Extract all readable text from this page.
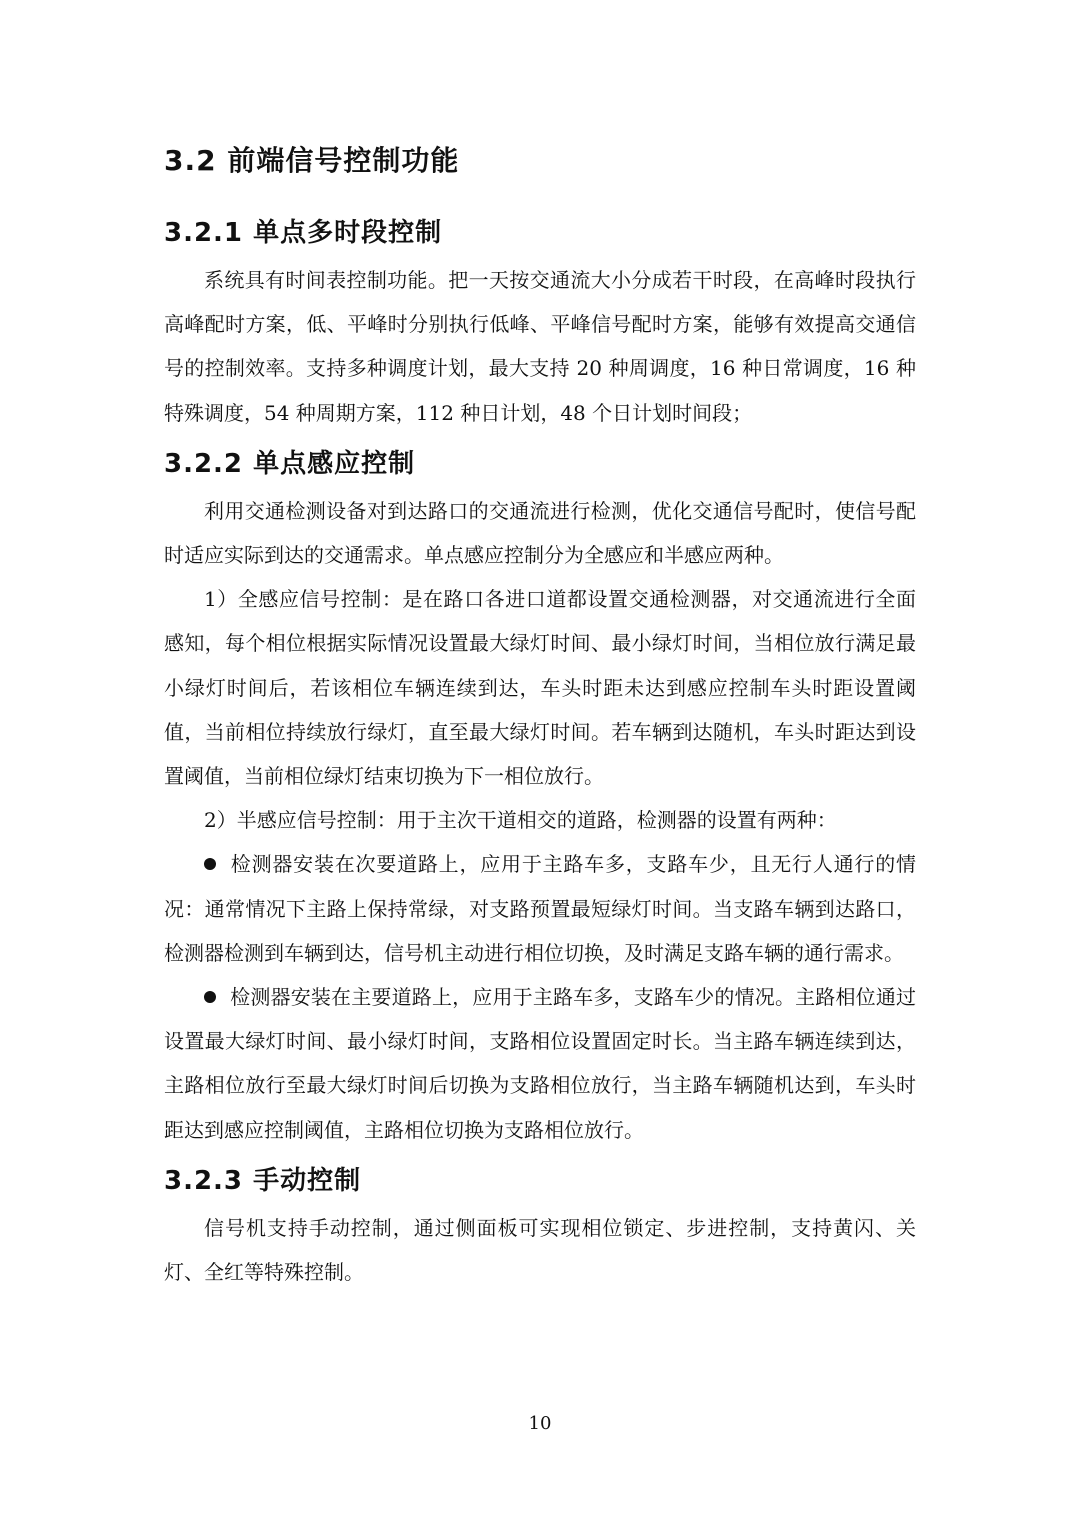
3.2 前端信号控制功能
3.2.1 单点多时段控制

系统具有时间表控制功能。把一天按交通流大小分成若干时段，在高峰时段执行高峰配时方案，低、平峰时分别执行低峰、平峰信号配时方案，能够有效提高交通信号的控制效率。支持多种调度计划，最大支持 20 种周调度，16 种日常调度，16 种特殊调度，54 种周期方案，112 种日计划，48 个日计划时间段；

3.2.2 单点感应控制

利用交通检测设备对到达路口的交通流进行检测，优化交通信号配时，使信号配时适应实际到达的交通需求。单点感应控制分为全感应和半感应两种。

1）全感应信号控制：是在路口各进口道都设置交通检测器，对交通流进行全面感知，每个相位根据实际情况设置最大绿灯时间、最小绿灯时间，当相位放行满足最小绿灯时间后，若该相位车辆连续到达，车头时距未达到感应控制车头时距设置阈值，当前相位持续放行绿灯，直至最大绿灯时间。若车辆到达随机，车头时距达到设置阈值，当前相位绿灯结束切换为下一相位放行。

2）半感应信号控制：用于主次干道相交的道路，检测器的设置有两种：

检测器安装在次要道路上，应用于主路车多，支路车少，且无行人通行的情况：通常情况下主路上保持常绿，对支路预置最短绿灯时间。当支路车辆到达路口，检测器检测到车辆到达，信号机主动进行相位切换，及时满足支路车辆的通行需求。

检测器安装在主要道路上，应用于主路车多，支路车少的情况。主路相位通过设置最大绿灯时间、最小绿灯时间，支路相位设置固定时长。当主路车辆连续到达，主路相位放行至最大绿灯时间后切换为支路相位放行，当主路车辆随机达到，车头时距达到感应控制阈值，主路相位切换为支路相位放行。

3.2.3 手动控制

信号机支持手动控制，通过侧面板可实现相位锁定、步进控制，支持黄闪、关灯、全红等特殊控制。

10
